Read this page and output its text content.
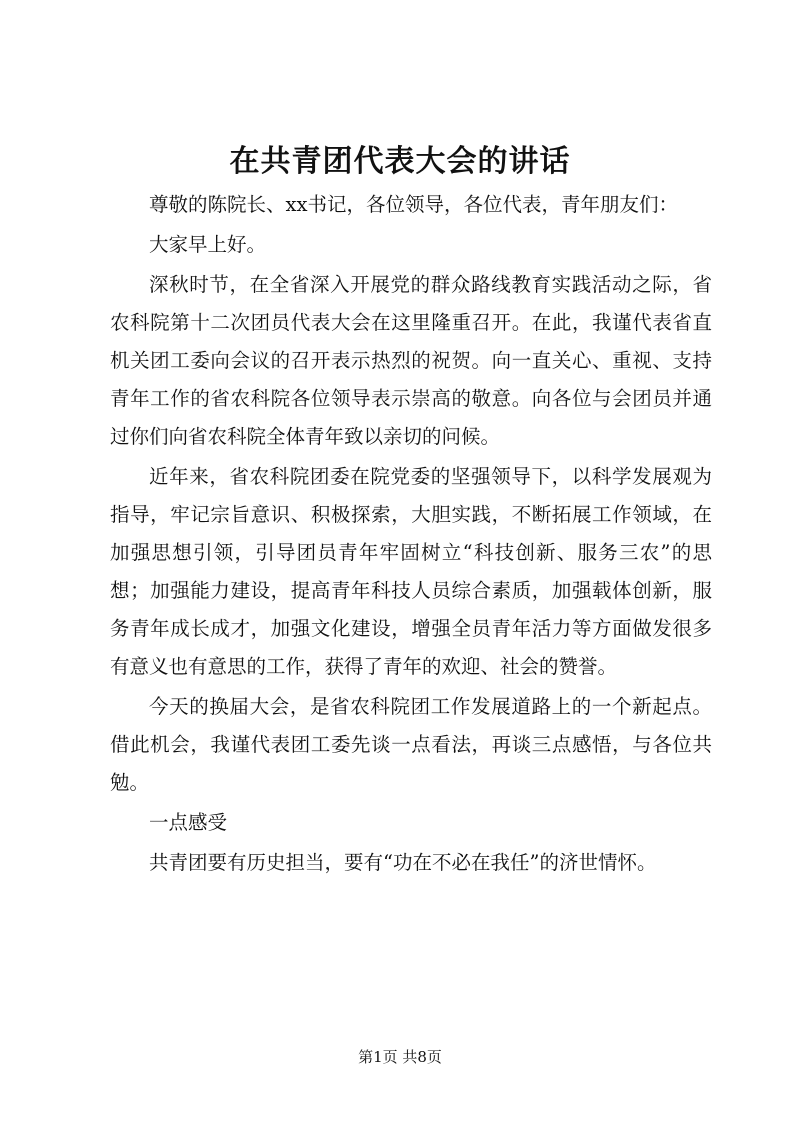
在共青团代表大会的讲话

尊敬的陈院长、xx书记，各位领导，各位代表，青年朋友们：

大家早上好。

深秋时节，在全省深入开展党的群众路线教育实践活动之际，省农科院第十二次团员代表大会在这里隆重召开。在此，我谨代表省直机关团工委向会议的召开表示热烈的祝贺。向一直关心、重视、支持青年工作的省农科院各位领导表示崇高的敬意。向各位与会团员并通过你们向省农科院全体青年致以亲切的问候。

近年来，省农科院团委在院党委的坚强领导下，以科学发展观为指导，牢记宗旨意识、积极探索，大胆实践，不断拓展工作领域，在加强思想引领，引导团员青年牢固树立“科技创新、服务三农”的思想；加强能力建设，提高青年科技人员综合素质，加强载体创新，服务青年成长成才，加强文化建设，增强全员青年活力等方面做发很多有意义也有意思的工作，获得了青年的欢迎、社会的赞誉。

今天的换届大会，是省农科院团工作发展道路上的一个新起点。借此机会，我谨代表团工委先谈一点看法，再谈三点感悟，与各位共勉。

一点感受

共青团要有历史担当，要有“功在不必在我任”的济世情怀。

第1页 共8页
